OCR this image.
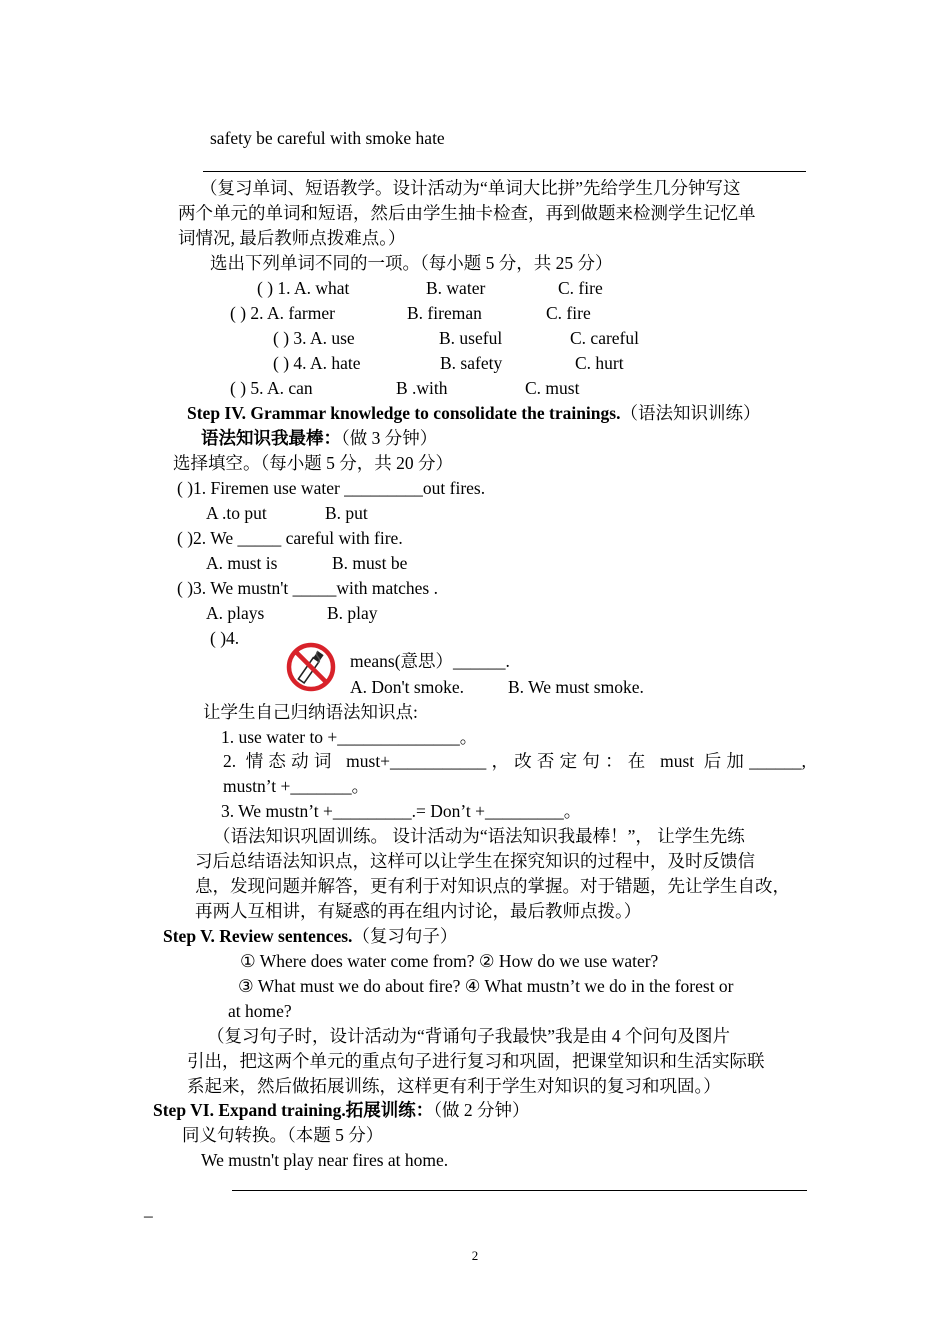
safety be careful with smoke hate
（复习单词、短语教学。设计活动为“单词大比拼”先给学生几分钟写这
两个单元的单词和短语，然后由学生抽卡检查，再到做题来检测学生记忆单
词情况, 最后教师点拨难点。）
选出下列单词不同的一项。（每小题 5 分，共 25 分）
( ) 1. A. what	B. water	C. fire
( ) 2. A. farmer	B. fireman	C. fire
( ) 3. A. use	B. useful	C. careful
( ) 4. A. hate	B. safety	C. hurt
( ) 5. A. can	B .with	C. must
Step IV. Grammar knowledge to consolidate the trainings.（语法知识训练）
语法知识我最棒：（做 3 分钟）
选择填空。（每小题 5 分，共 20 分）
( )1. Firemen use water _________out fires.
A .to put	B. put
( )2. We _____ careful with fire.
A. must is	B. must be
( )3. We mustn't _____with matches .
A. plays	B. play
( )4.
means(意思）______.
A. Don't smoke.	B. We must smoke.
让学生自己归纳语法知识点:
1. use water to +______________。
2. 情态动词 must+___________，改否定句：在 must 后加______,
mustn’t +_______。
3. We mustn’t +_________.= Don’t +_________。
（语法知识巩固训练。 设计活动为“语法知识我最棒！”， 让学生先练
习后总结语法知识点，这样可以让学生在探究知识的过程中，及时反馈信
息，发现问题并解答，更有利于对知识点的掌握。对于错题，先让学生自改，
再两人互相讲，有疑惑的再在组内讨论，最后教师点拨。）
Step V. Review sentences.（复习句子）
① Where does water come from? ② How do we use water?
③ What must we do about fire? ④ What mustn’t we do in the forest or
at home?
（复习句子时，设计活动为“背诵句子我最快”我是由 4 个问句及图片
引出，把这两个单元的重点句子进行复习和巩固，把课堂知识和生活实际联
系起来，然后做拓展训练，这样更有利于学生对知识的复习和巩固。）
Step VI. Expand training.拓展训练：（做 2 分钟）
同义句转换。（本题 5 分）
We mustn't play near fires at home.
_
2
